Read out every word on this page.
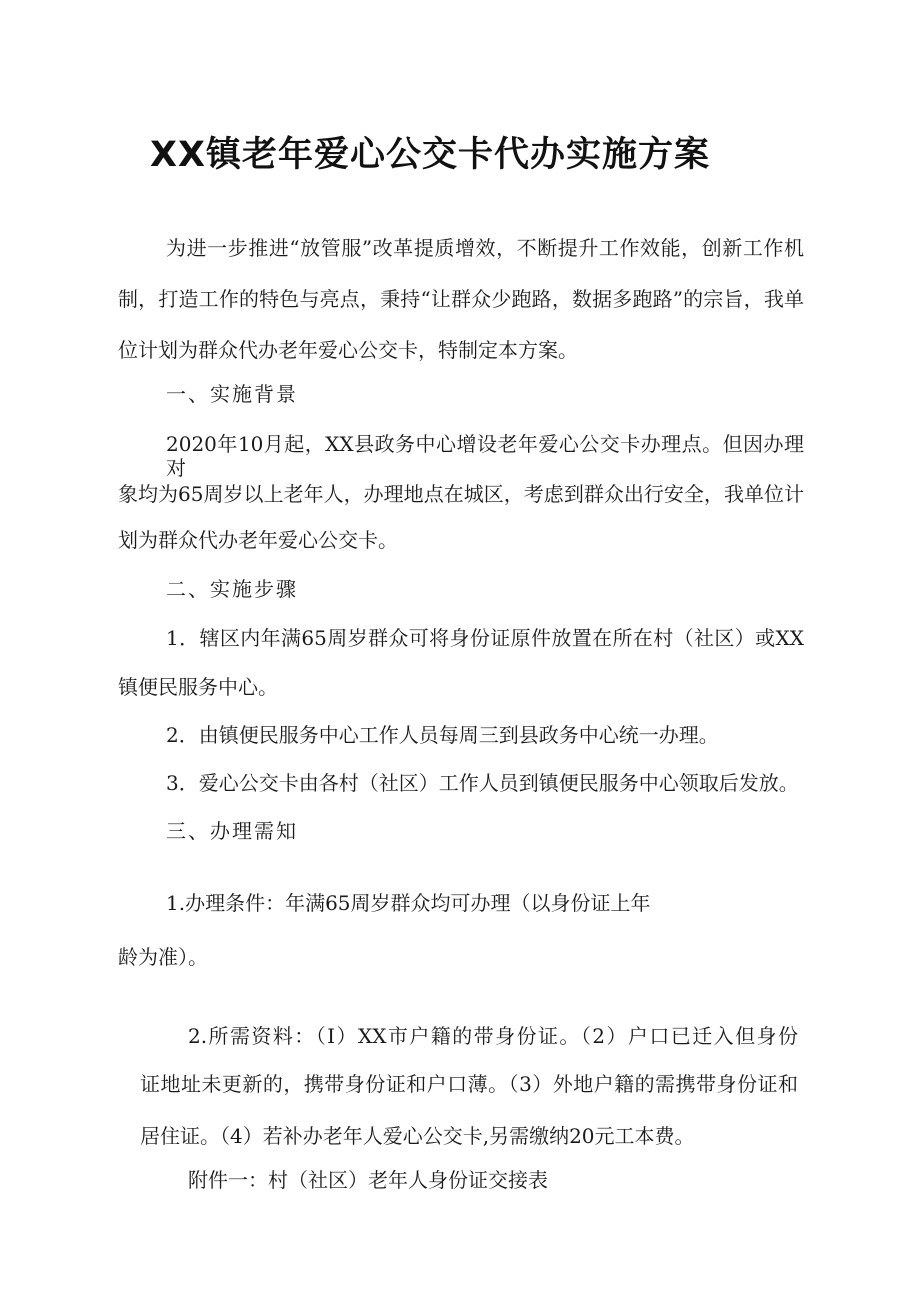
XX镇老年爱心公交卡代办实施方案

为进一步推进“放管服”改革提质增效，不断提升工作效能，创新工作机

制，打造工作的特色与亮点，秉持“让群众少跑路，数据多跑路”的宗旨，我单

位计划为群众代办老年爱心公交卡，特制定本方案。

一、实施背景

2020年10月起，XX县政务中心增设老年爱心公交卡办理点。但因办理对

象均为65周岁以上老年人，办理地点在城区，考虑到群众出行安全，我单位计

划为群众代办老年爱心公交卡。

二、实施步骤

1．辖区内年满65周岁群众可将身份证原件放置在所在村（社区）或XX

镇便民服务中心。

2．由镇便民服务中心工作人员每周三到县政务中心统一办理。

3．爱心公交卡由各村（社区）工作人员到镇便民服务中心领取后发放。

三、办理需知

1.办理条件：年满65周岁群众均可办理（以身份证上年

龄为准）。

2.所需资料：（I）XX市户籍的带身份证。（2）户口已迁入但身份

证地址未更新的，携带身份证和户口薄。（3）外地户籍的需携带身份证和

居住证。（4）若补办老年人爱心公交卡,另需缴纳20元工本费。

附件一：村（社区）老年人身份证交接表
